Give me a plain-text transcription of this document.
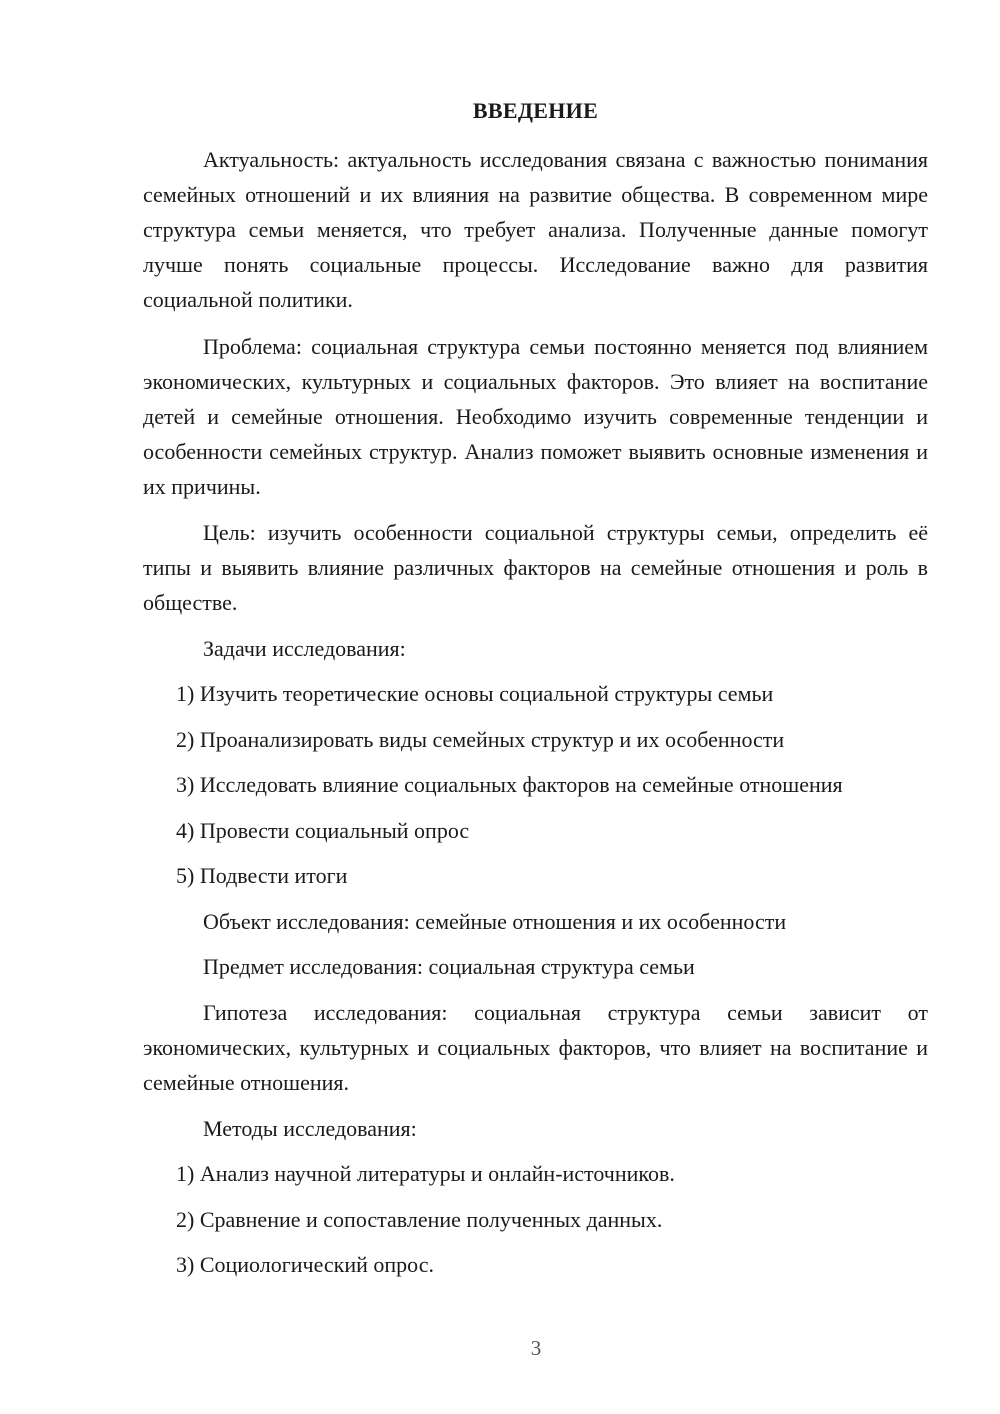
ВВЕДЕНИЕ

Актуальность: актуальность исследования связана с важностью понимания семейных отношений и их влияния на развитие общества. В современном мире структура семьи меняется, что требует анализа. Полученные данные помогут лучше понять социальные процессы. Исследование важно для развития социальной политики.

Проблема: социальная структура семьи постоянно меняется под влиянием экономических, культурных и социальных факторов. Это влияет на воспитание детей и семейные отношения. Необходимо изучить современные тенденции и особенности семейных структур. Анализ поможет выявить основные изменения и их причины.

Цель: изучить особенности социальной структуры семьи, определить её типы и выявить влияние различных факторов на семейные отношения и роль в обществе.

Задачи исследования:
1) Изучить теоретические основы социальной структуры семьи
2) Проанализировать виды семейных структур и их особенности
3) Исследовать влияние социальных факторов на семейные отношения
4) Провести социальный опрос
5) Подвести итоги
Объект исследования: семейные отношения и их особенности
Предмет исследования: социальная структура семьи

Гипотеза исследования: социальная структура семьи зависит от экономических, культурных и социальных факторов, что влияет на воспитание и семейные отношения.

Методы исследования:
1) Анализ научной литературы и онлайн-источников.
2) Сравнение и сопоставление полученных данных.
3) Социологический опрос.
3
